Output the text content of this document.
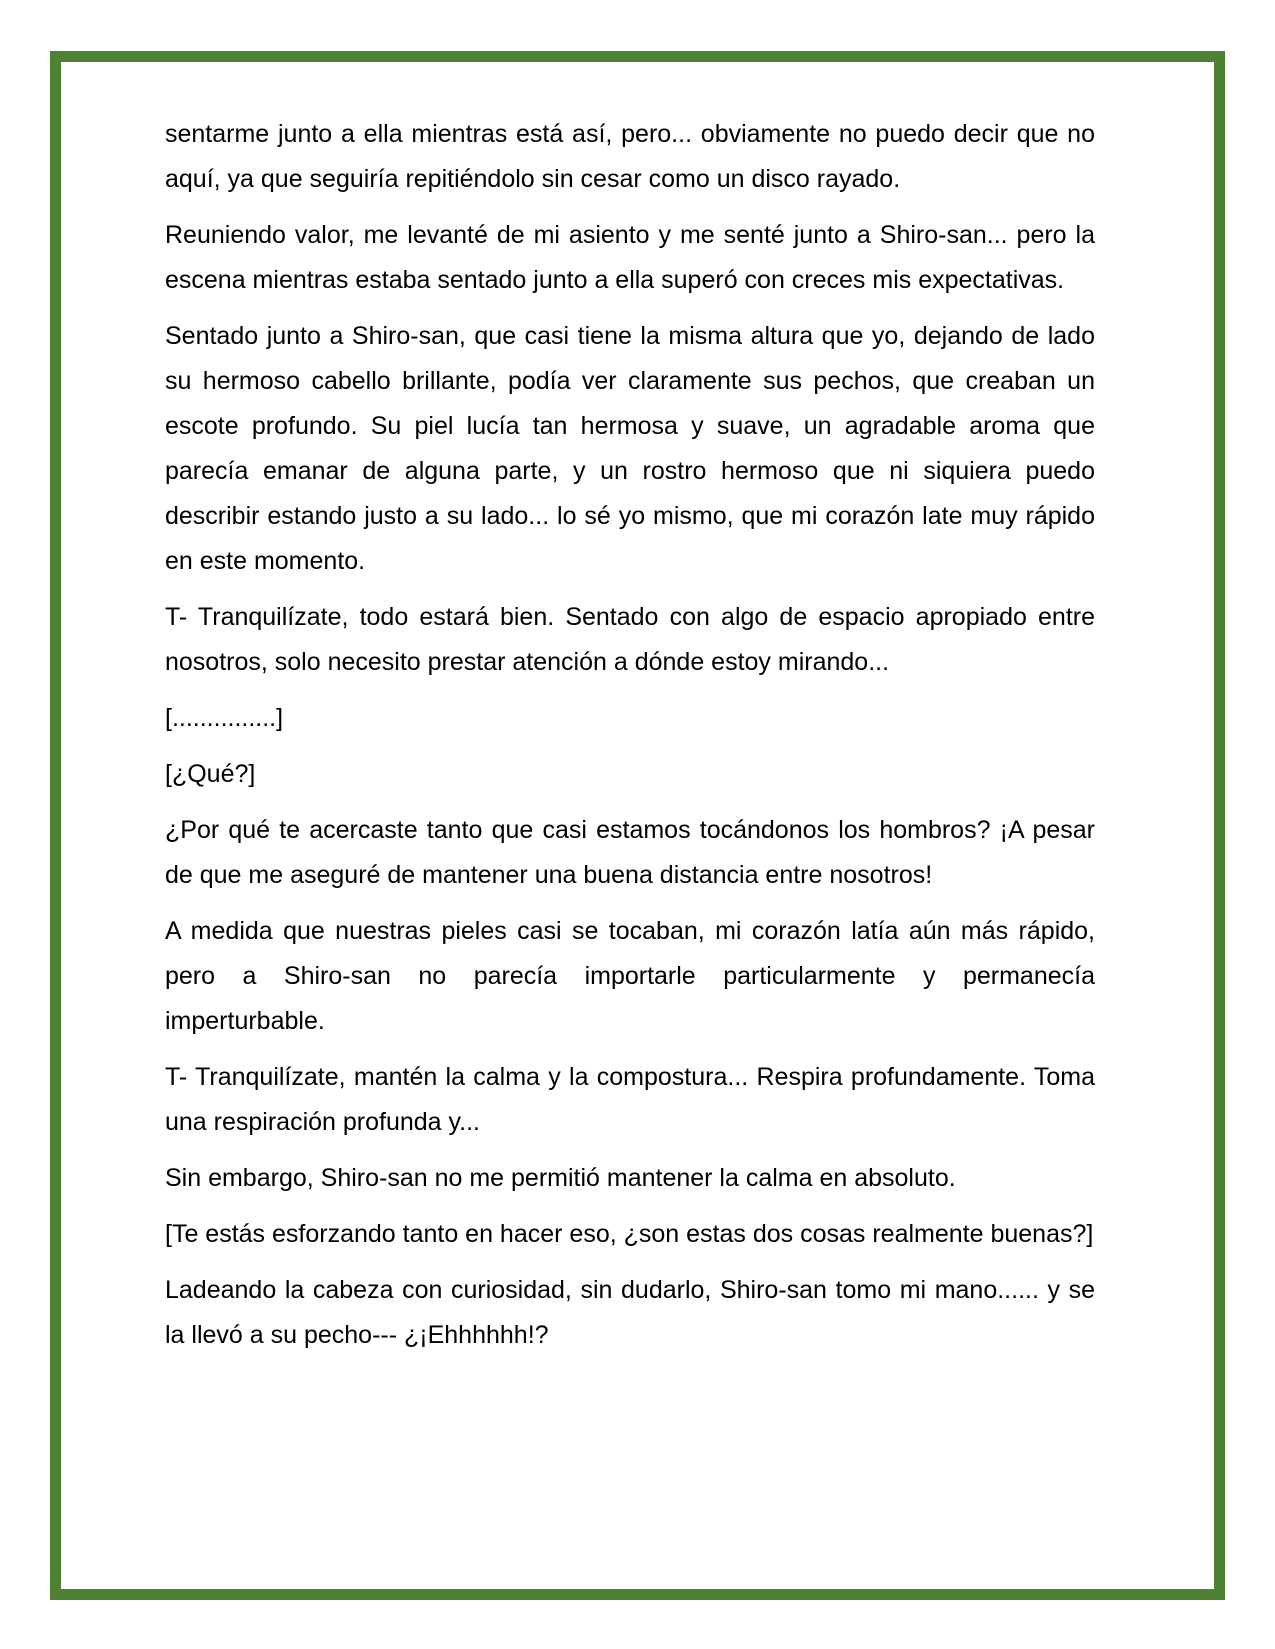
sentarme junto a ella mientras está así, pero... obviamente no puedo decir que no aquí, ya que seguiría repitiéndolo sin cesar como un disco rayado.

Reuniendo valor, me levanté de mi asiento y me senté junto a Shiro-san... pero la escena mientras estaba sentado junto a ella superó con creces mis expectativas.

Sentado junto a Shiro-san, que casi tiene la misma altura que yo, dejando de lado su hermoso cabello brillante, podía ver claramente sus pechos, que creaban un escote profundo. Su piel lucía tan hermosa y suave, un agradable aroma que parecía emanar de alguna parte, y un rostro hermoso que ni siquiera puedo describir estando justo a su lado... lo sé yo mismo, que mi corazón late muy rápido en este momento.

T- Tranquilízate, todo estará bien. Sentado con algo de espacio apropiado entre nosotros, solo necesito prestar atención a dónde estoy mirando...

[...............]

[¿Qué?]

¿Por qué te acercaste tanto que casi estamos tocándonos los hombros? ¡A pesar de que me aseguré de mantener una buena distancia entre nosotros!

A medida que nuestras pieles casi se tocaban, mi corazón latía aún más rápido, pero a Shiro-san no parecía importarle particularmente y permanecía imperturbable.

T- Tranquilízate, mantén la calma y la compostura... Respira profundamente. Toma una respiración profunda y...

Sin embargo, Shiro-san no me permitió mantener la calma en absoluto.

[Te estás esforzando tanto en hacer eso, ¿son estas dos cosas realmente buenas?]

Ladeando la cabeza con curiosidad, sin dudarlo, Shiro-san tomo mi mano...... y se la llevó a su pecho--- ¿¡Ehhhhhh!?
